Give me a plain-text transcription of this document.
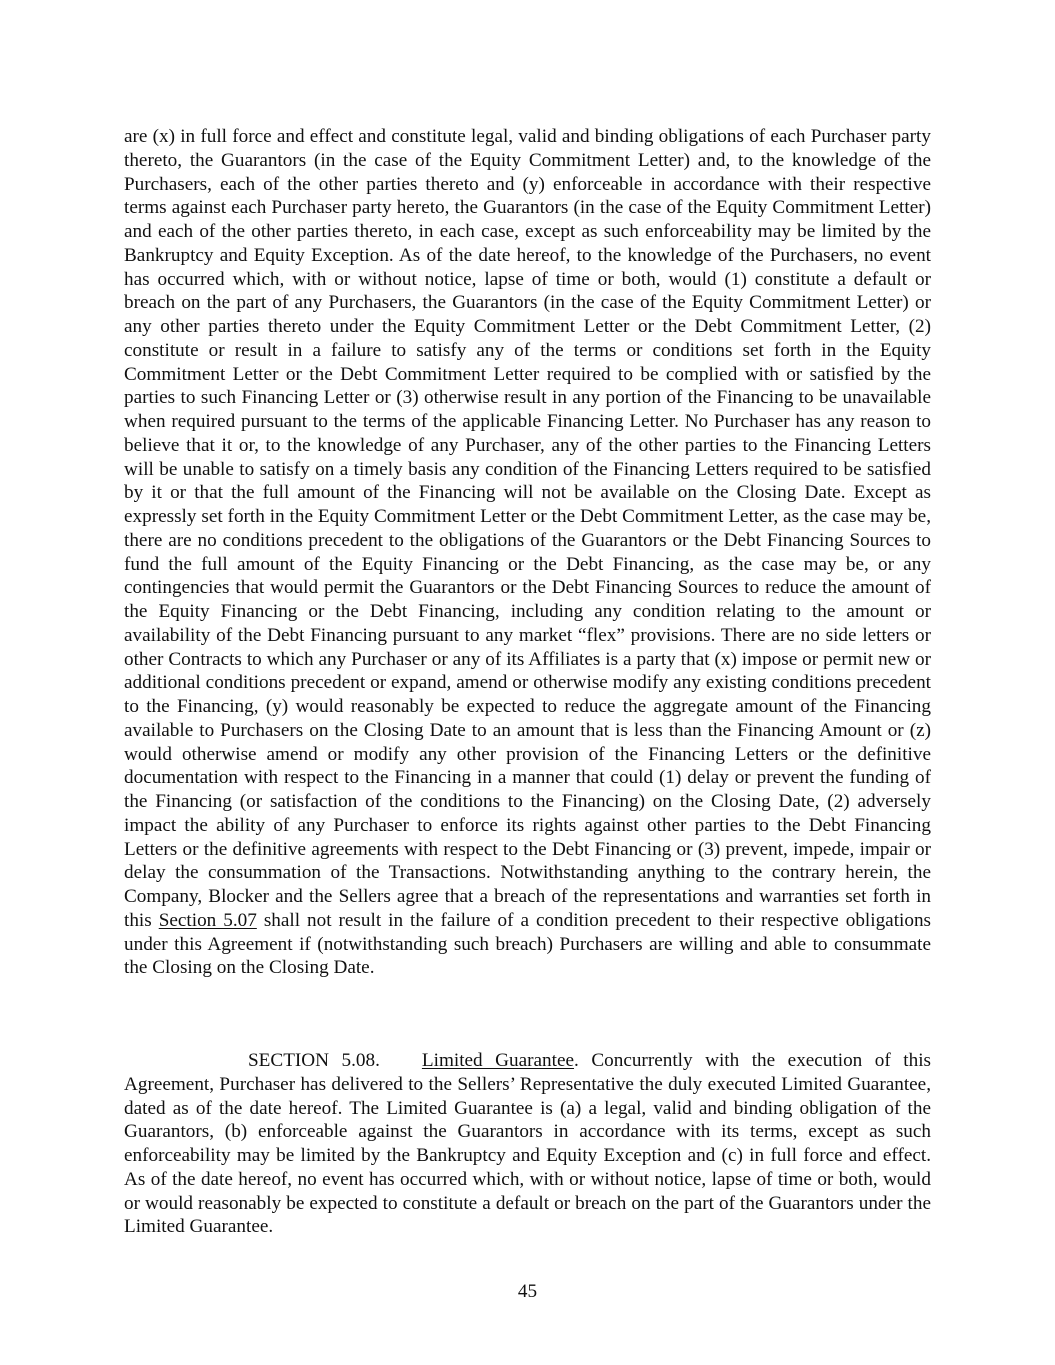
are (x) in full force and effect and constitute legal, valid and binding obligations of each Purchaser party thereto, the Guarantors (in the case of the Equity Commitment Letter) and, to the knowledge of the Purchasers, each of the other parties thereto and (y) enforceable in accordance with their respective terms against each Purchaser party hereto, the Guarantors (in the case of the Equity Commitment Letter) and each of the other parties thereto, in each case, except as such enforceability may be limited by the Bankruptcy and Equity Exception. As of the date hereof, to the knowledge of the Purchasers, no event has occurred which, with or without notice, lapse of time or both, would (1) constitute a default or breach on the part of any Purchasers, the Guarantors (in the case of the Equity Commitment Letter) or any other parties thereto under the Equity Commitment Letter or the Debt Commitment Letter, (2) constitute or result in a failure to satisfy any of the terms or conditions set forth in the Equity Commitment Letter or the Debt Commitment Letter required to be complied with or satisfied by the parties to such Financing Letter or (3) otherwise result in any portion of the Financing to be unavailable when required pursuant to the terms of the applicable Financing Letter. No Purchaser has any reason to believe that it or, to the knowledge of any Purchaser, any of the other parties to the Financing Letters will be unable to satisfy on a timely basis any condition of the Financing Letters required to be satisfied by it or that the full amount of the Financing will not be available on the Closing Date. Except as expressly set forth in the Equity Commitment Letter or the Debt Commitment Letter, as the case may be, there are no conditions precedent to the obligations of the Guarantors or the Debt Financing Sources to fund the full amount of the Equity Financing or the Debt Financing, as the case may be, or any contingencies that would permit the Guarantors or the Debt Financing Sources to reduce the amount of the Equity Financing or the Debt Financing, including any condition relating to the amount or availability of the Debt Financing pursuant to any market “flex” provisions. There are no side letters or other Contracts to which any Purchaser or any of its Affiliates is a party that (x) impose or permit new or additional conditions precedent or expand, amend or otherwise modify any existing conditions precedent to the Financing, (y) would reasonably be expected to reduce the aggregate amount of the Financing available to Purchasers on the Closing Date to an amount that is less than the Financing Amount or (z) would otherwise amend or modify any other provision of the Financing Letters or the definitive documentation with respect to the Financing in a manner that could (1) delay or prevent the funding of the Financing (or satisfaction of the conditions to the Financing) on the Closing Date, (2) adversely impact the ability of any Purchaser to enforce its rights against other parties to the Debt Financing Letters or the definitive agreements with respect to the Debt Financing or (3) prevent, impede, impair or delay the consummation of the Transactions. Notwithstanding anything to the contrary herein, the Company, Blocker and the Sellers agree that a breach of the representations and warranties set forth in this Section 5.07 shall not result in the failure of a condition precedent to their respective obligations under this Agreement if (notwithstanding such breach) Purchasers are willing and able to consummate the Closing on the Closing Date.

SECTION 5.08. Limited Guarantee. Concurrently with the execution of this Agreement, Purchaser has delivered to the Sellers’ Representative the duly executed Limited Guarantee, dated as of the date hereof. The Limited Guarantee is (a) a legal, valid and binding obligation of the Guarantors, (b) enforceable against the Guarantors in accordance with its terms, except as such enforceability may be limited by the Bankruptcy and Equity Exception and (c) in full force and effect. As of the date hereof, no event has occurred which, with or without notice, lapse of time or both, would or would reasonably be expected to constitute a default or breach on the part of the Guarantors under the Limited Guarantee.

45
